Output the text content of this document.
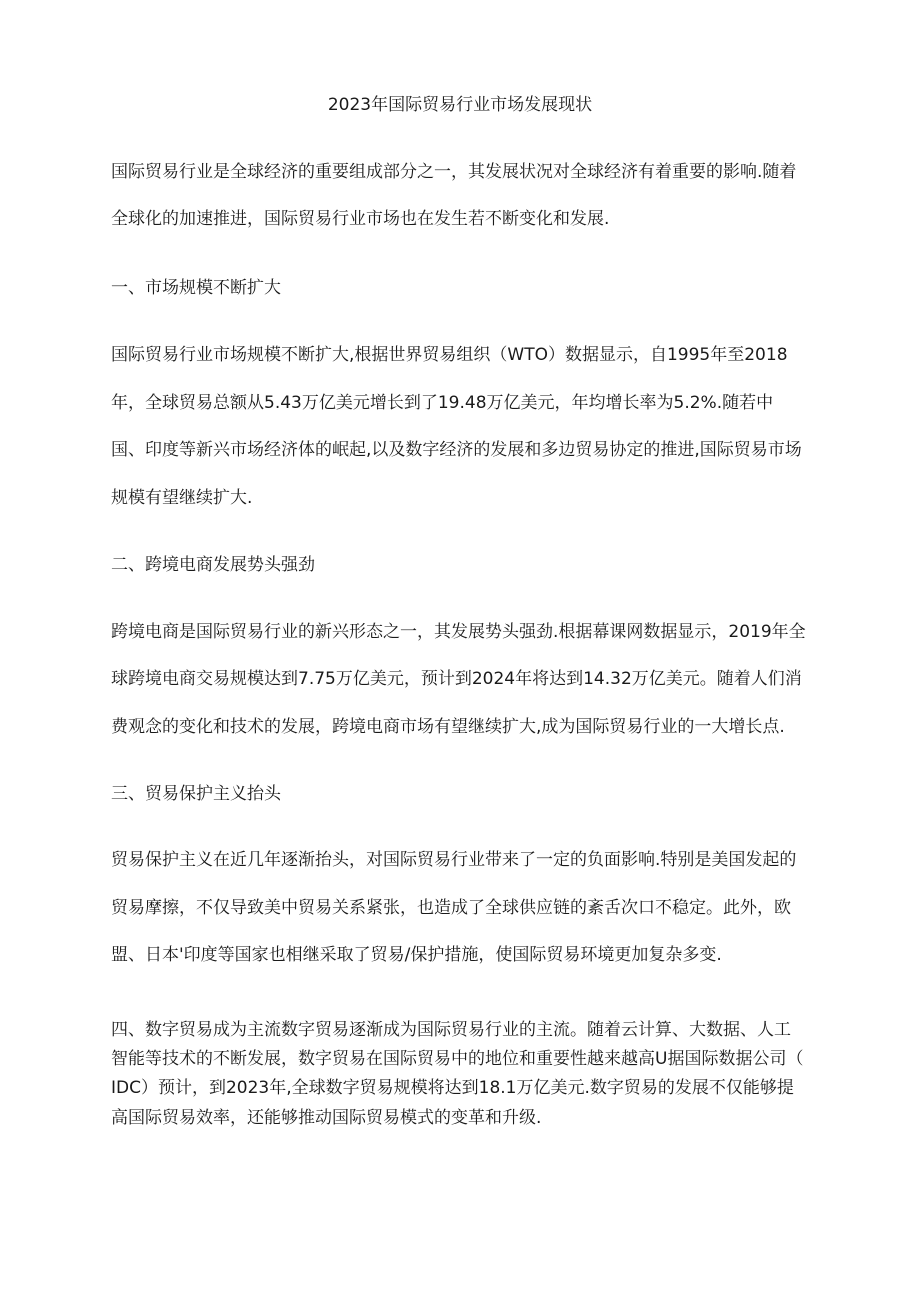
2023年国际贸易行业市场发展现状
国际贸易行业是全球经济的重要组成部分之一，其发展状况对全球经济有着重要的影响.随着
全球化的加速推进，国际贸易行业市场也在发生若不断变化和发展.
一、市场规模不断扩大
国际贸易行业市场规模不断扩大,根据世界贸易组织（WTO）数据显示，自1995年至2018
年，全球贸易总额从5.43万亿美元增长到了19.48万亿美元，年均增长率为5.2%.随若中
国、印度等新兴市场经济体的岷起,以及数字经济的发展和多边贸易协定的推进,国际贸易市场
规模有望继续扩大.
二、跨境电商发展势头强劲
跨境电商是国际贸易行业的新兴形态之一，其发展势头强劲.根据幕课网数据显示，2019年全
球跨境电商交易规模达到7.75万亿美元，预计到2024年将达到14.32万亿美元。随着人们消
费观念的变化和技术的发展，跨境电商市场有望继续扩大,成为国际贸易行业的一大增长点.
三、贸易保护主义抬头
贸易保护主义在近几年逐渐抬头，对国际贸易行业带来了一定的负面影响.特别是美国发起的
贸易摩擦，不仅导致美中贸易关系紧张，也造成了全球供应链的紊舌次口不稳定。此外，欧
盟、日本'印度等国家也相继采取了贸易/保护措施，使国际贸易环境更加复杂多变.
四、数字贸易成为主流数字贸易逐渐成为国际贸易行业的主流。随着云计算、大数据、人工
智能等技术的不断发展，数字贸易在国际贸易中的地位和重要性越来越高U据国际数据公司（
IDC）预计，到2023年,全球数字贸易规模将达到18.1万亿美元.数字贸易的发展不仅能够提
高国际贸易效率，还能够推动国际贸易模式的变革和升级.
